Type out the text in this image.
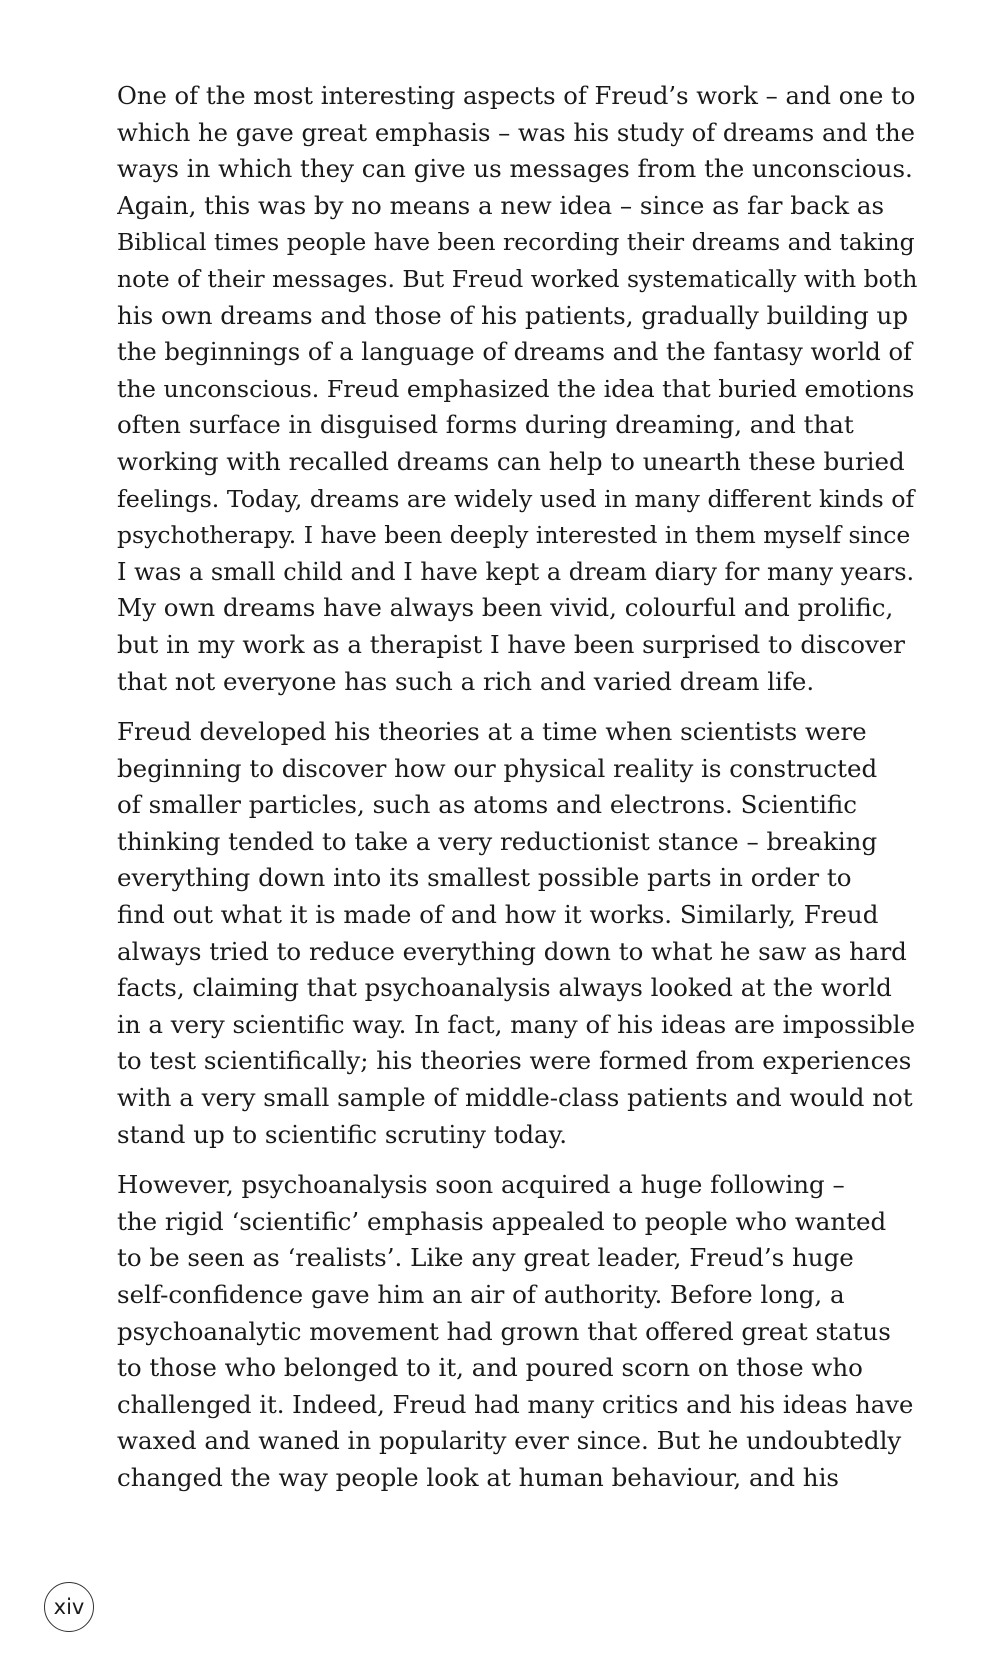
One of the most interesting aspects of Freud’s work – and one to
which he gave great emphasis – was his study of dreams and the
ways in which they can give us messages from the unconscious.
Again, this was by no means a new idea – since as far back as
Biblical times people have been recording their dreams and taking
note of their messages. But Freud worked systematically with both
his own dreams and those of his patients, gradually building up
the beginnings of a language of dreams and the fantasy world of
the unconscious. Freud emphasized the idea that buried emotions
often surface in disguised forms during dreaming, and that
working with recalled dreams can help to unearth these buried
feelings. Today, dreams are widely used in many different kinds of
psychotherapy. I have been deeply interested in them myself since
I was a small child and I have kept a dream diary for many years.
My own dreams have always been vivid, colourful and prolific,
but in my work as a therapist I have been surprised to discover
that not everyone has such a rich and varied dream life.

Freud developed his theories at a time when scientists were
beginning to discover how our physical reality is constructed
of smaller particles, such as atoms and electrons. Scientific
thinking tended to take a very reductionist stance – breaking
everything down into its smallest possible parts in order to
find out what it is made of and how it works. Similarly, Freud
always tried to reduce everything down to what he saw as hard
facts, claiming that psychoanalysis always looked at the world
in a very scientific way. In fact, many of his ideas are impossible
to test scientifically; his theories were formed from experiences
with a very small sample of middle-class patients and would not
stand up to scientific scrutiny today.

However, psychoanalysis soon acquired a huge following –
the rigid ‘scientific’ emphasis appealed to people who wanted
to be seen as ‘realists’. Like any great leader, Freud’s huge
self-confidence gave him an air of authority. Before long, a
psychoanalytic movement had grown that offered great status
to those who belonged to it, and poured scorn on those who
challenged it. Indeed, Freud had many critics and his ideas have
waxed and waned in popularity ever since. But he undoubtedly
changed the way people look at human behaviour, and his

xiv
